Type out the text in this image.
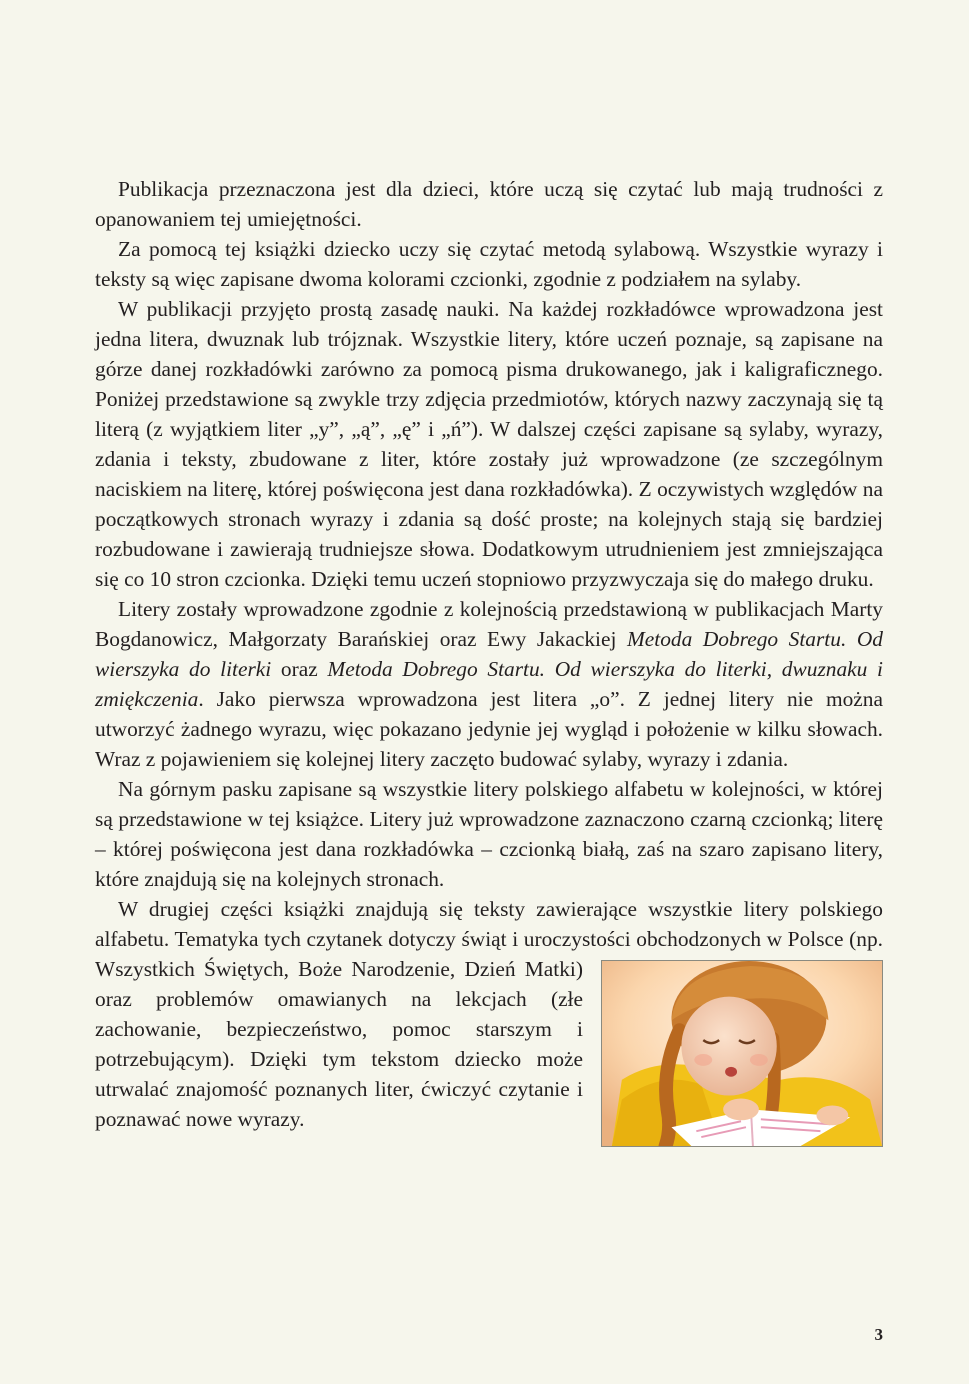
Publikacja przeznaczona jest dla dzieci, które uczą się czytać lub mają trudności z opanowaniem tej umiejętności.

Za pomocą tej książki dziecko uczy się czytać metodą sylabową. Wszystkie wyrazy i teksty są więc zapisane dwoma kolorami czcionki, zgodnie z podziałem na sylaby.

W publikacji przyjęto prostą zasadę nauki. Na każdej rozkładówce wprowadzona jest jedna litera, dwuznak lub trójznak. Wszystkie litery, które uczeń poznaje, są zapisane na górze danej rozkładówki zarówno za pomocą pisma drukowanego, jak i kaligraficznego. Poniżej przedstawione są zwykle trzy zdjęcia przedmiotów, których nazwy zaczynają się tą literą (z wyjątkiem liter „y”, „ą”, „ę” i „ń”). W dalszej części zapisane są sylaby, wyrazy, zdania i teksty, zbudowane z liter, które zostały już wprowadzone (ze szczególnym naciskiem na literę, której poświęcona jest dana rozkładówka). Z oczywistych względów na początkowych stronach wyrazy i zdania są dość proste; na kolejnych stają się bardziej rozbudowane i zawierają trudniejsze słowa. Dodatkowym utrudnieniem jest zmniejszająca się co 10 stron czcionka. Dzięki temu uczeń stopniowo przyzwyczaja się do małego druku.

Litery zostały wprowadzone zgodnie z kolejnością przedstawioną w publikacjach Marty Bogdanowicz, Małgorzaty Barańskiej oraz Ewy Jakackiej Metoda Dobrego Startu. Od wierszyka do literki oraz Metoda Dobrego Startu. Od wierszyka do literki, dwuznaku i zmiękczenia. Jako pierwsza wprowadzona jest litera „o”. Z jednej litery nie można utworzyć żadnego wyrazu, więc pokazano jedynie jej wygląd i położenie w kilku słowach. Wraz z pojawieniem się kolejnej litery zaczęto budować sylaby, wyrazy i zdania.

Na górnym pasku zapisane są wszystkie litery polskiego alfabetu w kolejności, w której są przedstawione w tej książce. Litery już wprowadzone zaznaczono czarną czcionką; literę – której poświęcona jest dana rozkładówka – czcionką białą, zaś na szaro zapisano litery, które znajdują się na kolejnych stronach.

W drugiej części książki znajdują się teksty zawierające wszystkie litery polskiego alfabetu. Tematyka tych czytanek dotyczy świąt i uroczystości obchodzonych w Pol
sce (np. Wszystkich Świętych, Boże Narodzenie, Dzień Matki) oraz problemów omawianych na lekcjach (złe zachowanie, bezpieczeństwo, pomoc starszym i potrzebującym). Dzięki tym tekstom dziecko może utrwalać znajomość poznanych liter, ćwiczyć czytanie i poznawać nowe wyrazy.

3
